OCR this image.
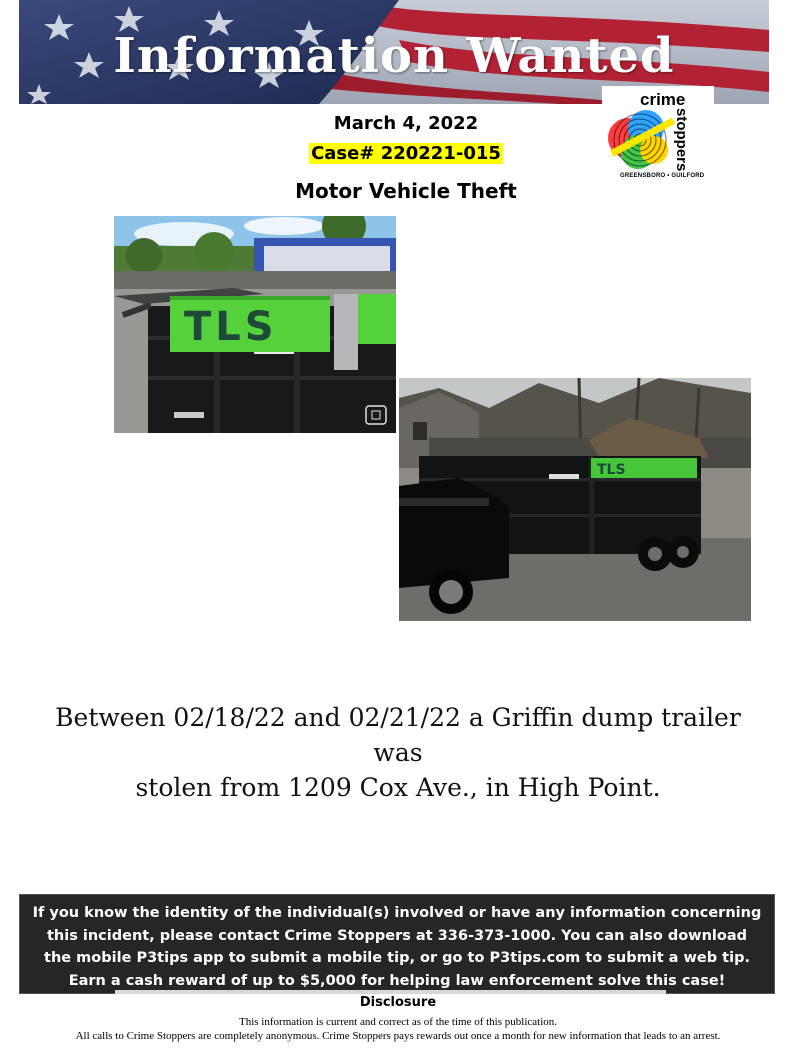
Information Wanted
crime
stoppers
GREENSBORO • GUILFORD
March 4, 2022
Case# 220221-015
Motor Vehicle Theft
TLS
TLS
Between 02/18/22 and 02/21/22 a Griffin dump trailer was
stolen from 1209 Cox Ave., in High Point.
If you know the identity of the individual(s) involved or have any information concerning this incident, please contact Crime Stoppers at 336-373-1000. You can also download the mobile P3tips app to submit a mobile tip, or go to P3tips.com to submit a web tip. Earn a cash reward of up to $5,000 for helping law enforcement solve this case!
Disclosure
This information is current and correct as of the time of this publication.
All calls to Crime Stoppers are completely anonymous. Crime Stoppers pays rewards out once a month for new information that leads to an arrest.
